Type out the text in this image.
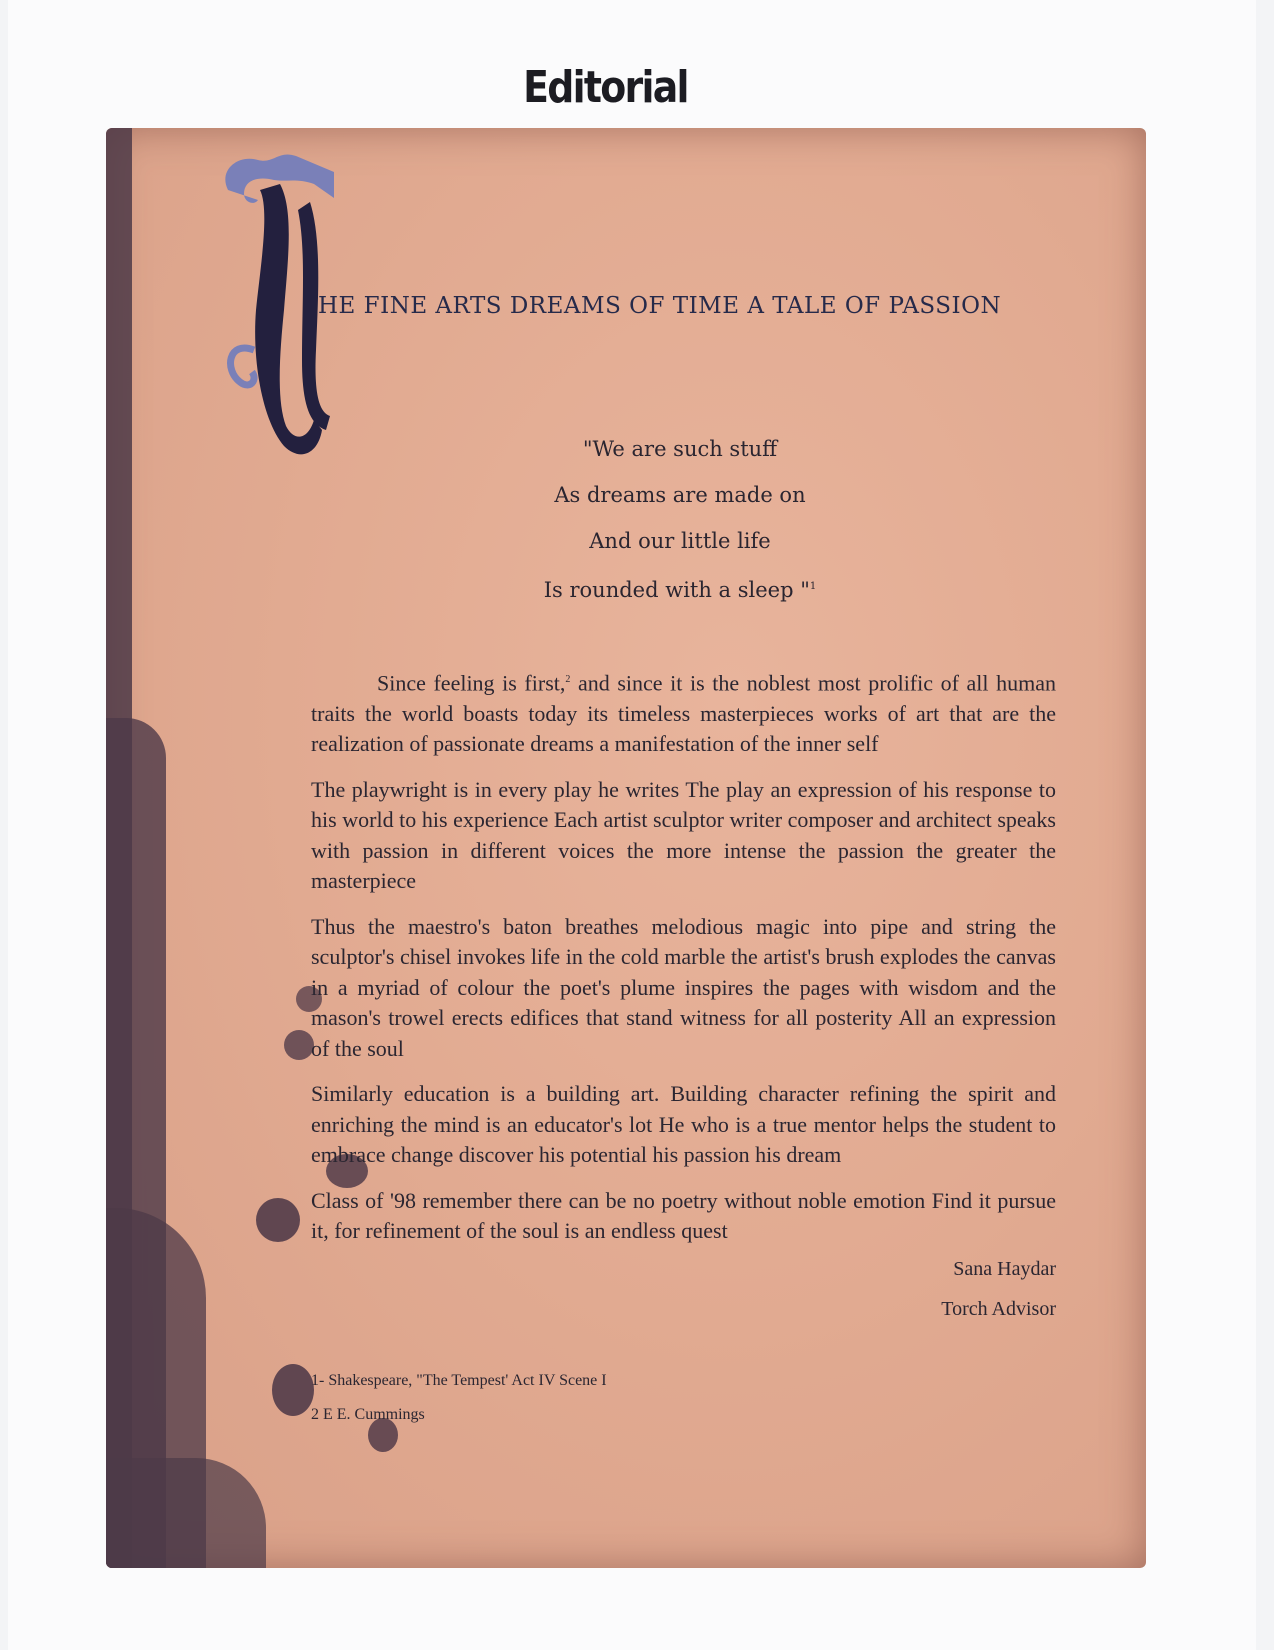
Editorial
HE FINE ARTS DREAMS OF TIME A TALE OF PASSION
"We are such stuff
As dreams are made on
And our little life
Is rounded with a sleep "$^1$

Since feeling is first,$^2$ and since it is the noblest most prolific of all human traits the world boasts today its timeless masterpieces works of art that are the realization of passionate dreams a manifestation of the inner self

The playwright is in every play he writes The play an expression of his response to his world to his experience Each artist sculptor writer composer and architect speaks with passion in different voices the more intense the passion the greater the masterpiece

Thus the maestro's baton breathes melodious magic into pipe and string the sculptor's chisel invokes life in the cold marble the artist's brush explodes the canvas in a myriad of colour the poet's plume inspires the pages with wisdom and the mason's trowel erects edifices that stand witness for all posterity All an expression of the soul

Similarly education is a building art. Building character refining the spirit and enriching the mind is an educator's lot He who is a true mentor helps the student to embrace change discover his potential his passion his dream

Class of '98 remember there can be no poetry without noble emotion Find it pursue it, for refinement of the soul is an endless quest

Sana Haydar
Torch Advisor
1- Shakespeare, "The Tempest' Act IV Scene I
2 E E. Cummings
